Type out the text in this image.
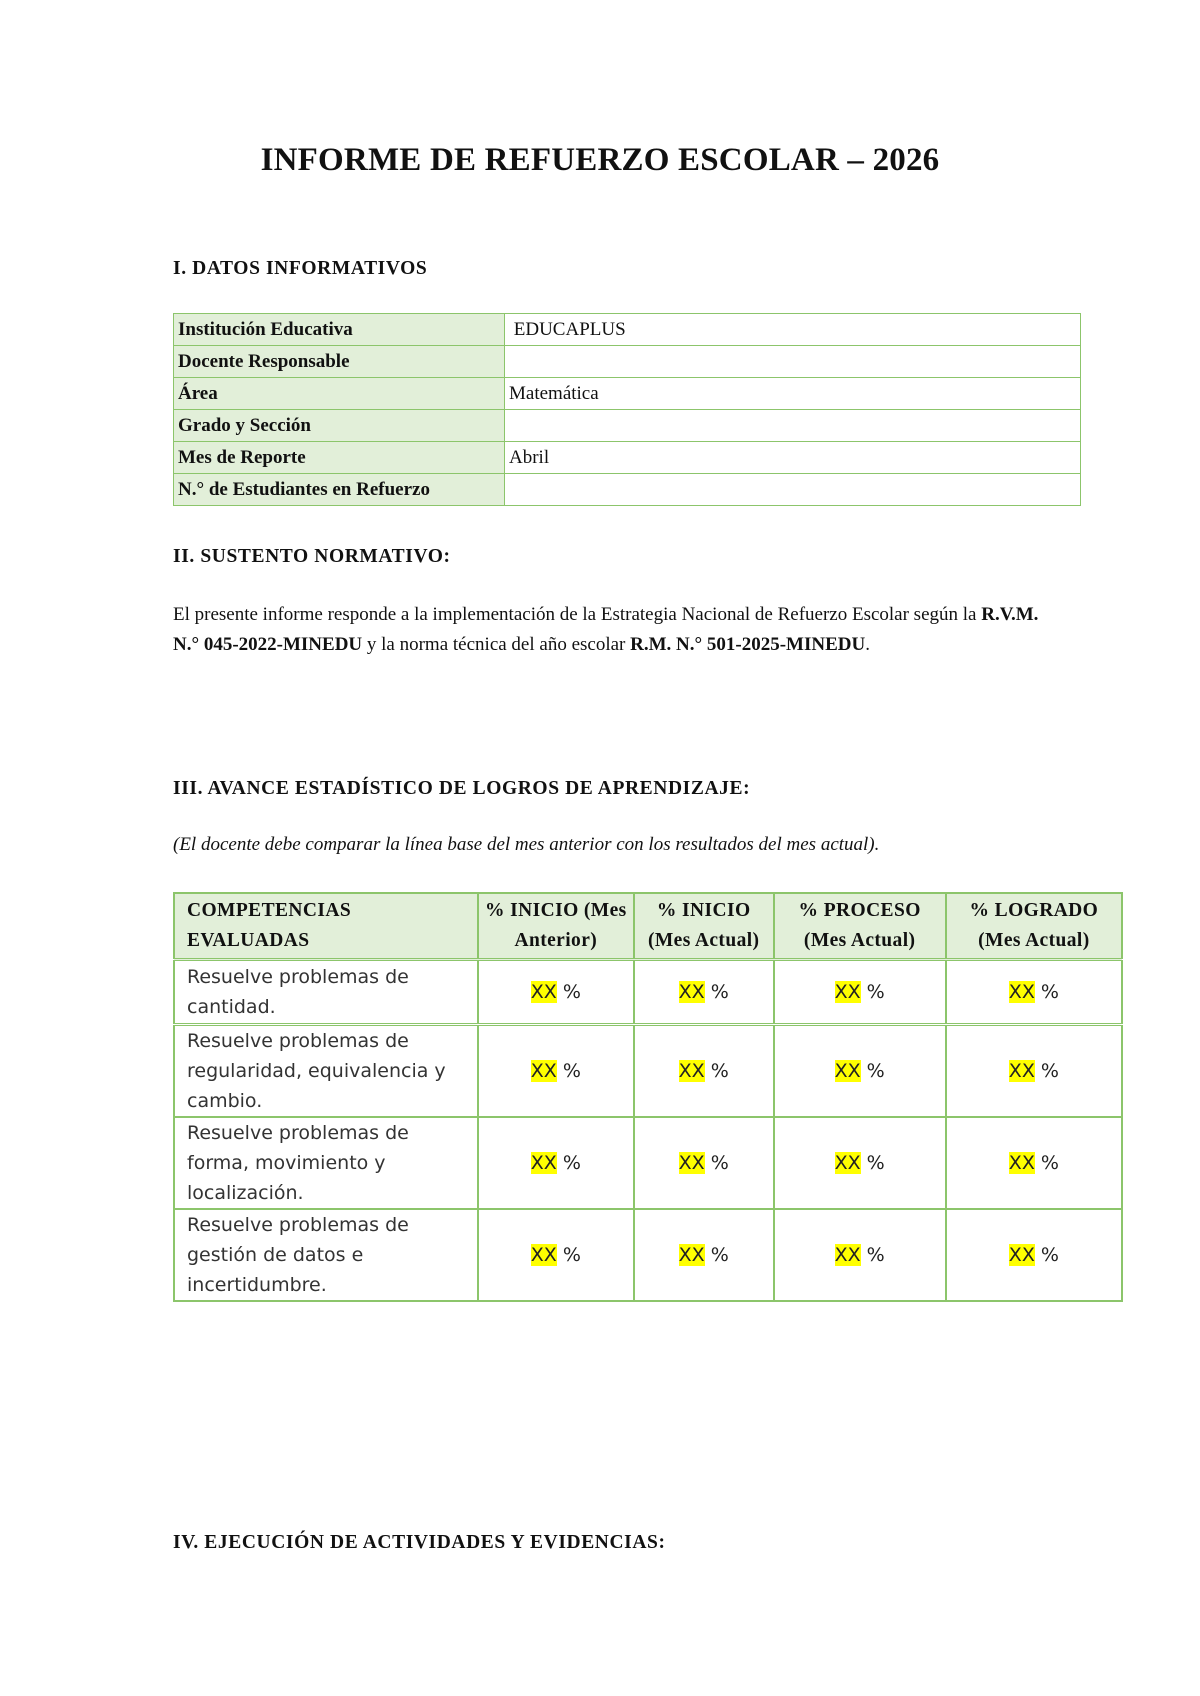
INFORME DE REFUERZO ESCOLAR – 2026
I. DATOS INFORMATIVOS
Institución Educativa	EDUCAPLUS
Docente Responsable	
Área	Matemática
Grado y Sección	
Mes de Reporte	Abril
N.° de Estudiantes en Refuerzo	
II. SUSTENTO NORMATIVO:
El presente informe responde a la implementación de la Estrategia Nacional de Refuerzo Escolar según la R.V.M. N.° 045-2022-MINEDU y la norma técnica del año escolar R.M. N.° 501-2025-MINEDU.
III. AVANCE ESTADÍSTICO DE LOGROS DE APRENDIZAJE:
(El docente debe comparar la línea base del mes anterior con los resultados del mes actual).
COMPETENCIAS EVALUADAS	% INICIO (Mes Anterior)	% INICIO (Mes Actual)	% PROCESO (Mes Actual)	% LOGRADO (Mes Actual)
Resuelve problemas de cantidad.	XX %	XX %	XX %	XX %
Resuelve problemas de regularidad, equivalencia y cambio.	XX %	XX %	XX %	XX %
Resuelve problemas de forma, movimiento y localización.	XX %	XX %	XX %	XX %
Resuelve problemas de gestión de datos e incertidumbre.	XX %	XX %	XX %	XX %
IV. EJECUCIÓN DE ACTIVIDADES Y EVIDENCIAS:
